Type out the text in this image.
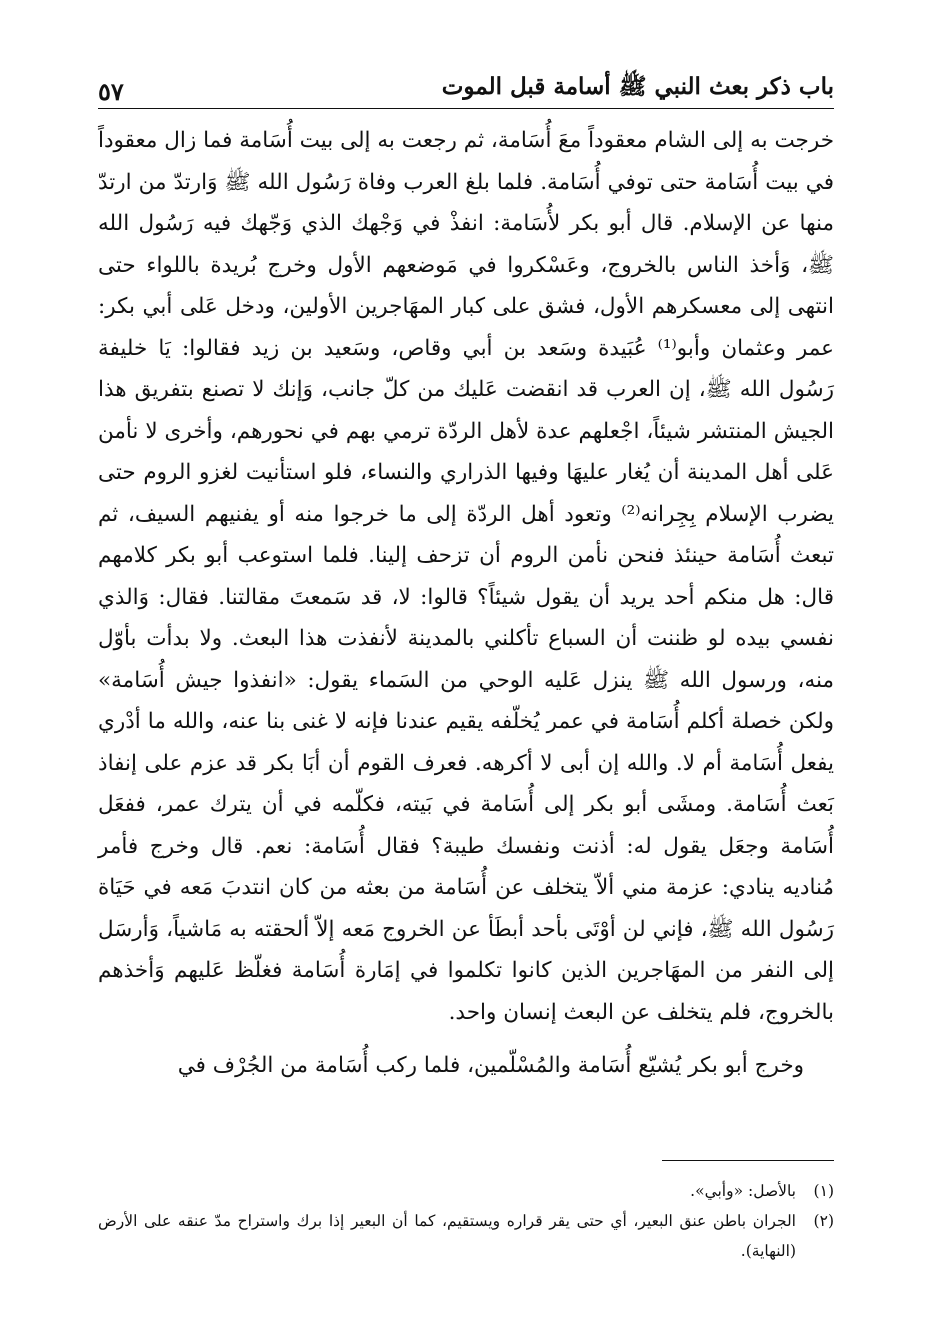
باب ذكر بعث النبي ﷺ أسامة قبل الموت
٥٧

خرجت به إلى الشام معقوداً معَ أُسَامة، ثم رجعت به إلى بيت أُسَامة فما زال معقوداً في بيت أُسَامة حتى توفي أُسَامة. فلما بلغ العرب وفاة رَسُول الله ﷺ وَارتدّ من ارتدّ منها عن الإسلام. قال أبو بكر لأُسَامة: انفذْ في وَجْهك الذي وَجّهك فيه رَسُول الله ﷺ، وَأخذ الناس بالخروج، وعَسْكروا في مَوضعهم الأول وخرج بُريدة باللواء حتى انتهى إلى معسكرهم الأول، فشق على كبار المهَاجرين الأولين، ودخل عَلى أبي بكر: عمر وعثمان وأبو⁽¹⁾ عُبَيدة وسَعد بن أبي وقاص، وسَعيد بن زيد فقالوا: يَا خليفة رَسُول الله ﷺ، إن العرب قد انقضت عَليك من كلّ جانب، وَإنك لا تصنع بتفريق هذا الجيش المنتشر شيئاً، اجْعلهم عدة لأهل الردّة ترمي بهم في نحورهم، وأخرى لا نأمن عَلى أهل المدينة أن يُغار عليهَا وفيها الذراري والنساء، فلو استأنيت لغزو الروم حتى يضرب الإسلام بِجِرانه⁽²⁾ وتعود أهل الردّة إلى ما خرجوا منه أو يفنيهم السيف، ثم تبعث أُسَامة حينئذ فنحن نأمن الروم أن تزحف إلينا. فلما استوعب أبو بكر كلامهم قال: هل منكم أحد يريد أن يقول شيئاً؟ قالوا: لا، قد سَمعتَ مقالتنا. فقال: وَالذي نفسي بيده لو ظننت أن السباع تأكلني بالمدينة لأنفذت هذا البعث. ولا بدأت بأوّل منه، ورسول الله ﷺ ينزل عَليه الوحي من السَماء يقول: «انفذوا جيش أُسَامة» ولكن خصلة أكلم أُسَامة في عمر يُخلّفه يقيم عندنا فإنه لا غنى بنا عنه، والله ما أدْري يفعل أُسَامة أم لا. والله إن أبى لا أكرهه. فعرف القوم أن أبَا بكر قد عزم على إنفاذ بَعث أُسَامة. ومشَى أبو بكر إلى أُسَامة في بَيته، فكلّمه في أن يترك عمر، ففعَل أُسَامة وجعَل يقول له: أذنت ونفسك طيبة؟ فقال أُسَامة: نعم. قال وخرج فأمر مُناديه ينادي: عزمة مني ألاّ يتخلف عن أُسَامة من بعثه من كان انتدبَ مَعه في حَيَاة رَسُول الله ﷺ، فإني لن أوْتَى بأحد أبطَأ عن الخروج مَعه إلاّ ألحقته به مَاشياً، وَأرسَل إلى النفر من المهَاجرين الذين كانوا تكلموا في إمَارة أُسَامة فغلّظ عَليهم وَأخذهم بالخروج، فلم يتخلف عن البعث إنسان واحد.

وخرج أبو بكر يُشيّع أُسَامة والمُسْلّمين، فلما ركب أُسَامة من الجُرْف في

(١)
بالأصل: «وأبي».
(٢)
الجران باطن عنق البعير، أي حتى يقر قراره ويستقيم، كما أن البعير إذا برك واستراح مدّ عنقه على الأرض (النهاية).
